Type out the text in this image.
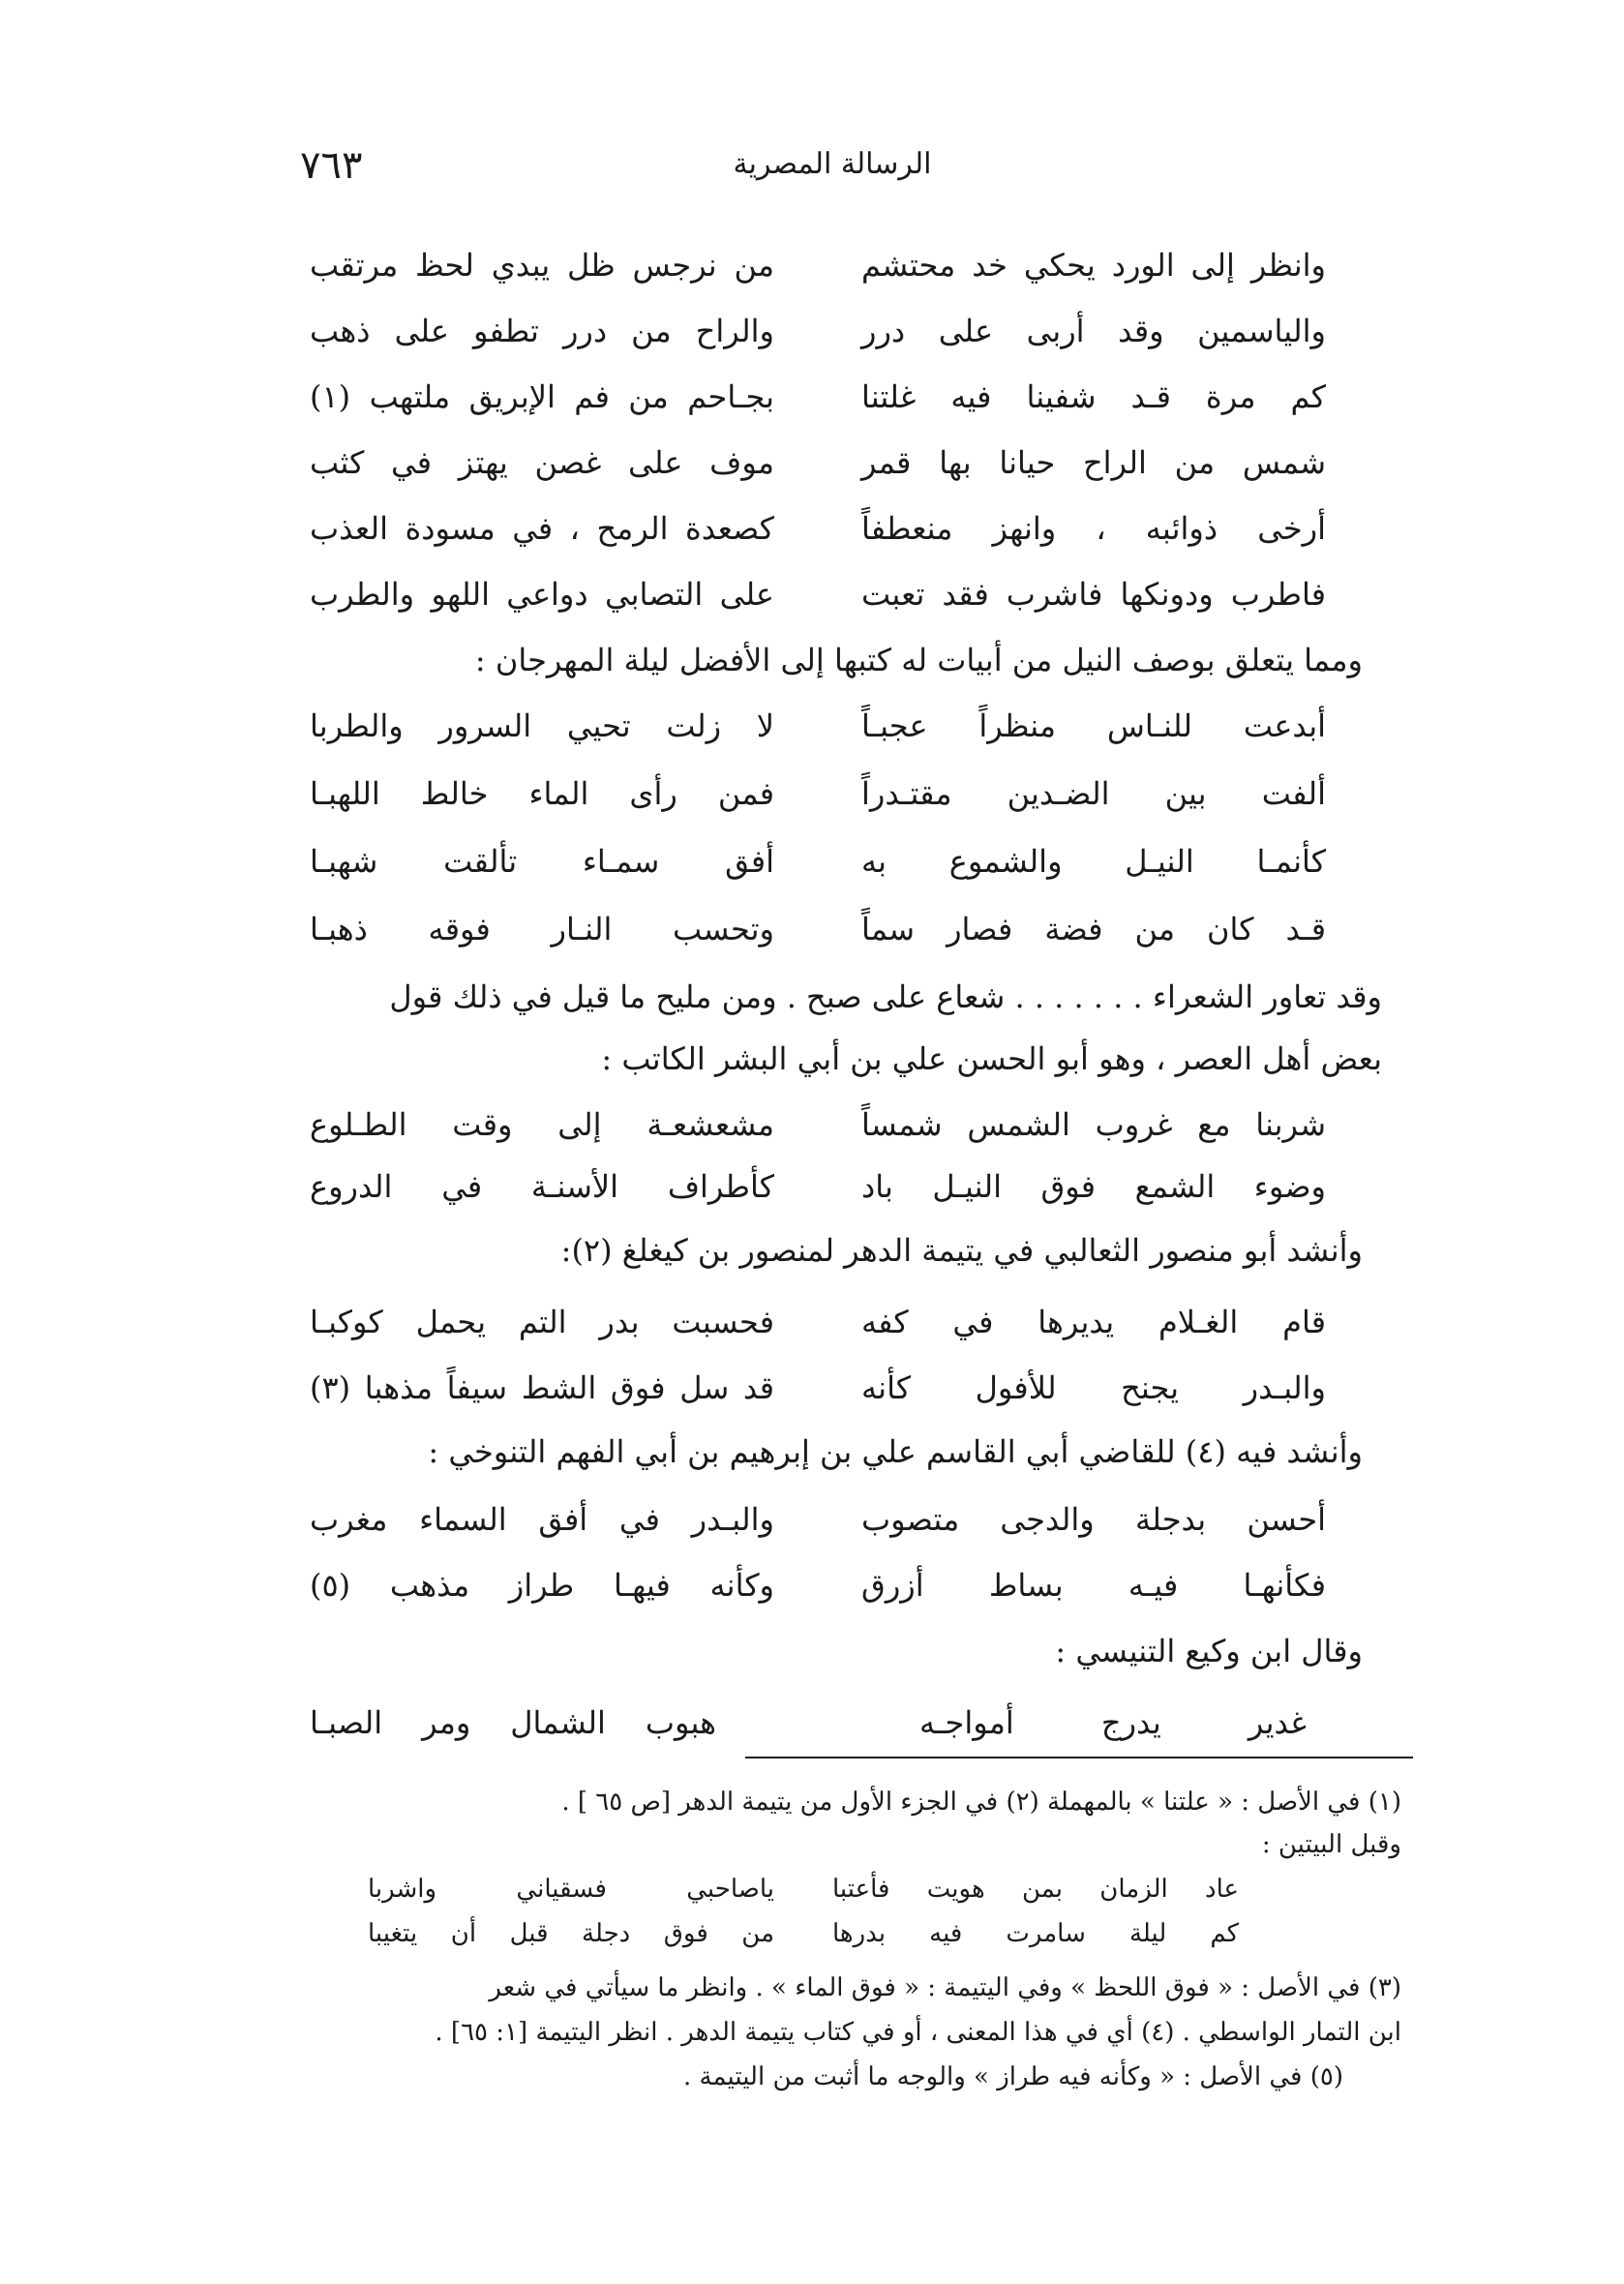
٧٦٣	الرسالة المصرية
وانظر إلى الورد يحكي خد محتشم
من نرجس ظل يبدي لحظ مرتقب
والياسمين وقد أربى على درر
والراح من درر تطفو على ذهب
كم مرة قـد شفينا فيه غلتنا
بجـاحم من فم الإبريق ملتهب (١)
شمس من الراح حيانا بها قمر
موف على غصن يهتز في كثب
أرخى ذوائبه ، وانهز منعطفاً
كصعدة الرمح ، في مسودة العذب
فاطرب ودونكها فاشرب فقد تعبت
على التصابي دواعي اللهو والطرب
ومما يتعلق بوصف النيل من أبيات له كتبها إلى الأفضل ليلة المهرجان :
أبدعت للنـاس منظراً عجبـاً
لا زلت تحيي السرور والطربا
ألفت بين الضـدين مقتـدراً
فمن رأى الماء خالط اللهبـا
كأنمـا النيـل والشموع به
أفق سمـاء تألقت شهبـا
قـد كان من فضة فصار سماً
وتحسب النـار فوقه ذهبـا
وقد تعاور الشعراء . . . . . . . شعاع على صبح . ومن مليح ما قيل في ذلك قول
بعض أهل العصر ، وهو أبو الحسن علي بن أبي البشر الكاتب :
شربنا مع غروب الشمس شمساً
مشعشعـة إلى وقت الطـلوع
وضوء الشمع فوق النيـل باد
كأطراف الأسنـة في الدروع
وأنشد أبو منصور الثعالبي في يتيمة الدهر لمنصور بن كيغلغ (٢):
قام الغـلام يديرها في كفه
فحسبت بدر التم يحمل كوكبـا
والبـدر يجنح للأفول كأنه
قد سل فوق الشط سيفاً مذهبا (٣)
وأنشد فيه (٤) للقاضي أبي القاسم علي بن إبرهيم بن أبي الفهم التنوخي :
أحسن بدجلة والدجى متصوب
والبـدر في أفق السماء مغرب
فكأنهـا فيـه بساط أزرق
وكأنه فيهـا طراز مذهب (٥)
وقال ابن وكيع التنيسي :
غدير يدرج أمواجـه
هبوب الشمال ومر الصبـا
(١) في الأصل : « علتنا » بالمهملة (٢) في الجزء الأول من يتيمة الدهر [ص ٦٥ ] .
وقبل البيتين :
عاد الزمان بمن هويت فأعتبا
ياصاحبي فسقياني واشربا
كم ليلة سامرت فيه بدرها
من فوق دجلة قبل أن يتغيبا
(٣) في الأصل : « فوق اللحظ » وفي اليتيمة : « فوق الماء » . وانظر ما سيأتي في شعر
ابن التمار الواسطي . (٤) أي في هذا المعنى ، أو في كتاب يتيمة الدهر . انظر اليتيمة [١: ٦٥] .
(٥) في الأصل : « وكأنه فيه طراز » والوجه ما أثبت من اليتيمة .
